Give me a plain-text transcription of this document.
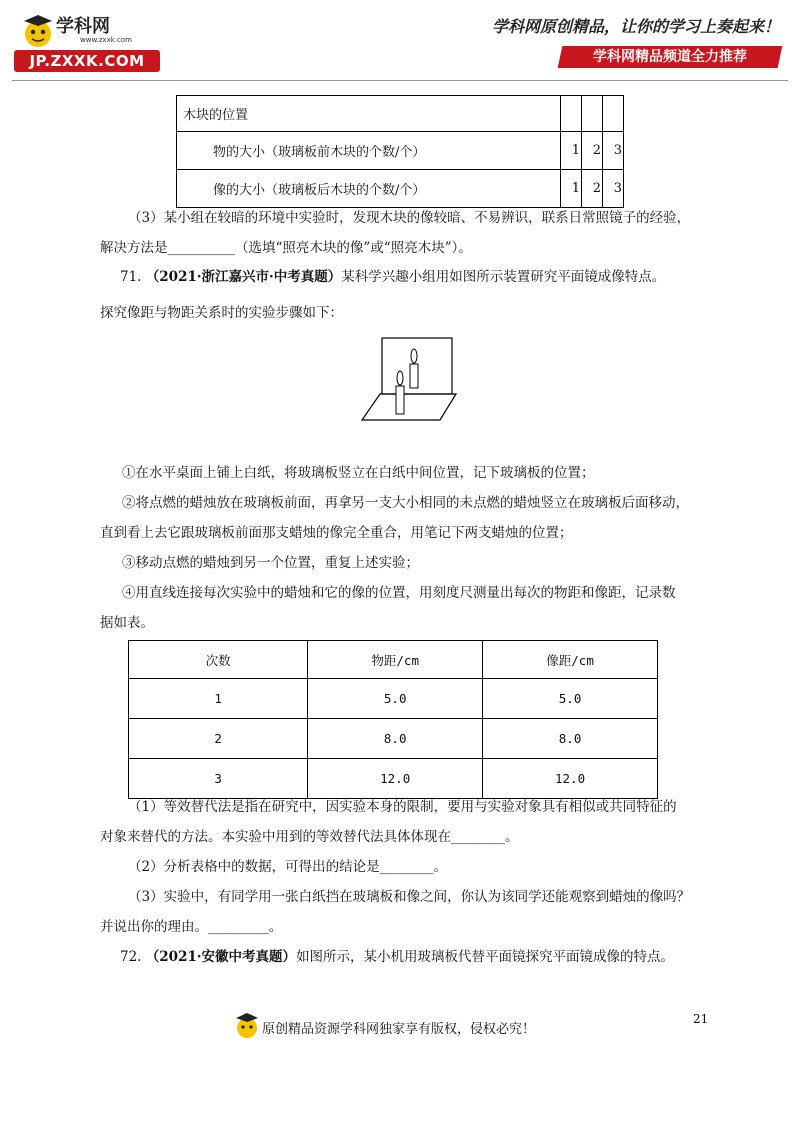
学科网
www.zxxk.com
JP.ZXXK.COM
学科网原创精品，让你的学习上奏起来！
学科网精品频道全力推荐
木块的位置			
物的大小（玻璃板前木块的个数/个）	1	2	3
像的大小（玻璃板后木块的个数/个）	1	2	3
（3）某小组在较暗的环境中实验时，发现木块的像较暗、不易辨识，联系日常照镜子的经验，
解决方法是__________（选填“照亮木块的像”或“照亮木块”）。
71. （2021·浙江嘉兴市·中考真题）某科学兴趣小组用如图所示装置研究平面镜成像特点。
探究像距与物距关系时的实验步骤如下：
①在水平桌面上铺上白纸，将玻璃板竖立在白纸中间位置，记下玻璃板的位置；
②将点燃的蜡烛放在玻璃板前面，再拿另一支大小相同的未点燃的蜡烛竖立在玻璃板后面移动，
直到看上去它跟玻璃板前面那支蜡烛的像完全重合，用笔记下两支蜡烛的位置；
③移动点燃的蜡烛到另一个位置，重复上述实验；
④用直线连接每次实验中的蜡烛和它的像的位置，用刻度尺测量出每次的物距和像距，记录数
据如表。
次数	物距/cm	像距/cm
1	5.0	5.0
2	8.0	8.0
3	12.0	12.0
（1）等效替代法是指在研究中，因实验本身的限制，要用与实验对象具有相似或共同特征的
对象来替代的方法。本实验中用到的等效替代法具体体现在________。
（2）分析表格中的数据，可得出的结论是________。
（3）实验中，有同学用一张白纸挡在玻璃板和像之间，你认为该同学还能观察到蜡烛的像吗？
并说出你的理由。_________。
72. （2021·安徽中考真题）如图所示，某小机用玻璃板代替平面镜探究平面镜成像的特点。
21
原创精品资源学科网独家享有版权，侵权必究！
